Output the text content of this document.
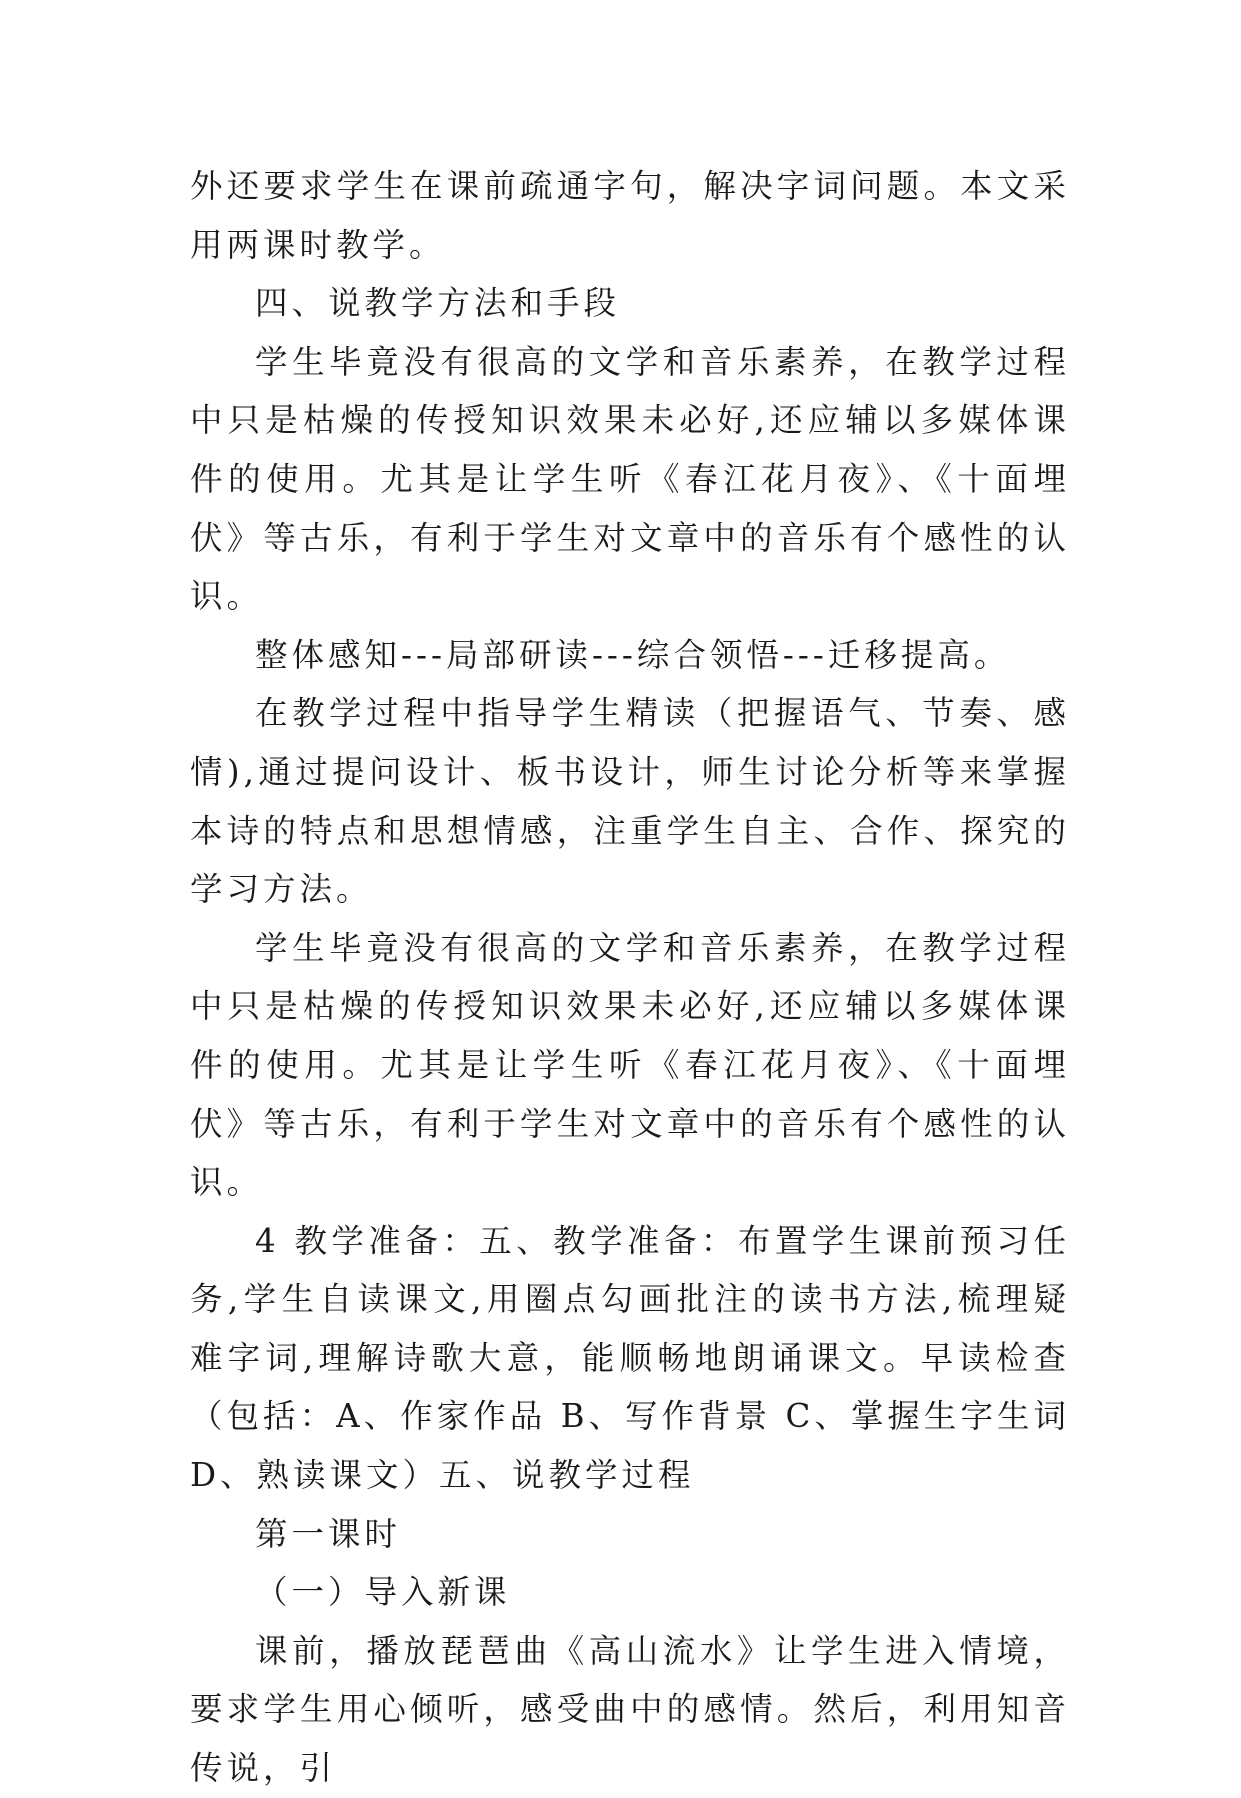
外还要求学生在课前疏通字句，解决字词问题。本文采用两课时教学。

四、说教学方法和手段

学生毕竟没有很高的文学和音乐素养，在教学过程中只是枯燥的传授知识效果未必好,还应辅以多媒体课件的使用。尤其是让学生听《春江花月夜》、《十面埋伏》等古乐，有利于学生对文章中的音乐有个感性的认识。

整体感知---局部研读---综合领悟---迁移提高。

在教学过程中指导学生精读（把握语气、节奏、感情),通过提问设计、板书设计，师生讨论分析等来掌握本诗的特点和思想情感，注重学生自主、合作、探究的学习方法。

学生毕竟没有很高的文学和音乐素养，在教学过程中只是枯燥的传授知识效果未必好,还应辅以多媒体课件的使用。尤其是让学生听《春江花月夜》、《十面埋伏》等古乐，有利于学生对文章中的音乐有个感性的认识。

4 教学准备：五、教学准备：布置学生课前预习任务,学生自读课文,用圈点勾画批注的读书方法,梳理疑难字词,理解诗歌大意，能顺畅地朗诵课文。早读检查（包括：A、作家作品 B、写作背景 C、掌握生字生词 D、熟读课文）五、说教学过程

第一课时

（一）导入新课

课前，播放琵琶曲《高山流水》让学生进入情境，要求学生用心倾听，感受曲中的感情。然后，利用知音传说，引
